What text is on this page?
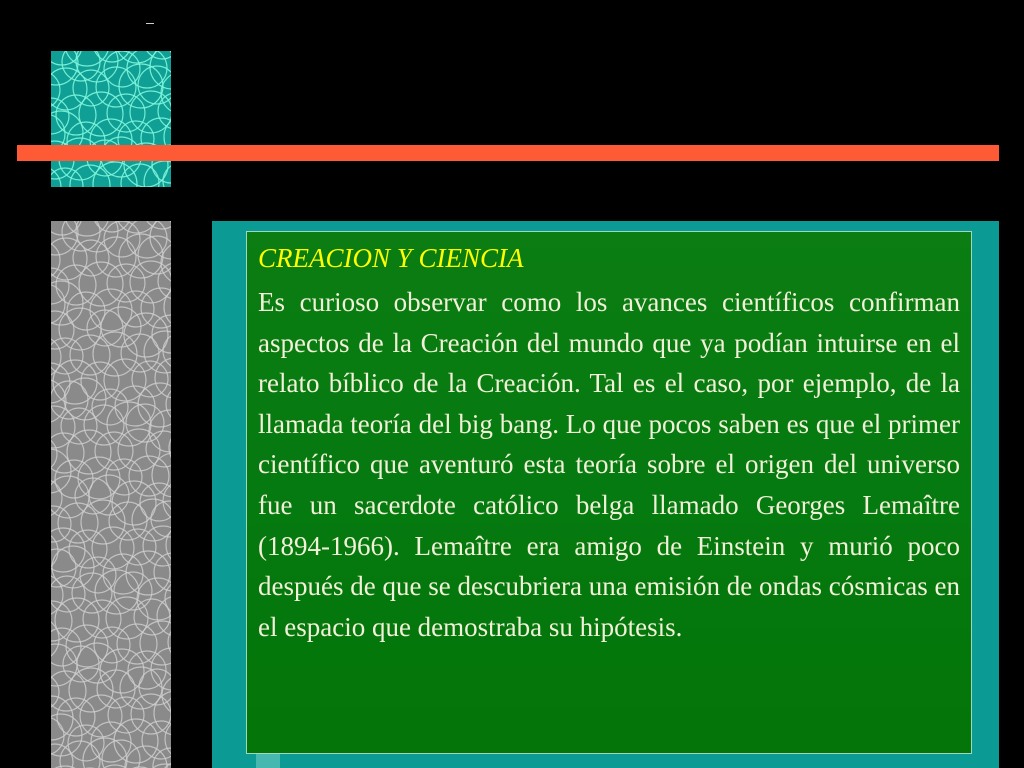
CREACION Y CIENCIA

Es curioso observar como los avances científicos confirman aspectos de la Creación del mundo que ya podían intuirse en el relato bíblico de la Creación. Tal es el caso, por ejemplo, de la llamada teoría del big bang. Lo que pocos saben es que el primer científico que aventuró esta teoría sobre el origen del universo fue un sacerdote católico belga llamado Georges Lemaître (1894-1966). Lemaître era amigo de Einstein y murió poco después de que se descubriera una emisión de ondas cósmicas en el espacio que demostraba su hipótesis.
